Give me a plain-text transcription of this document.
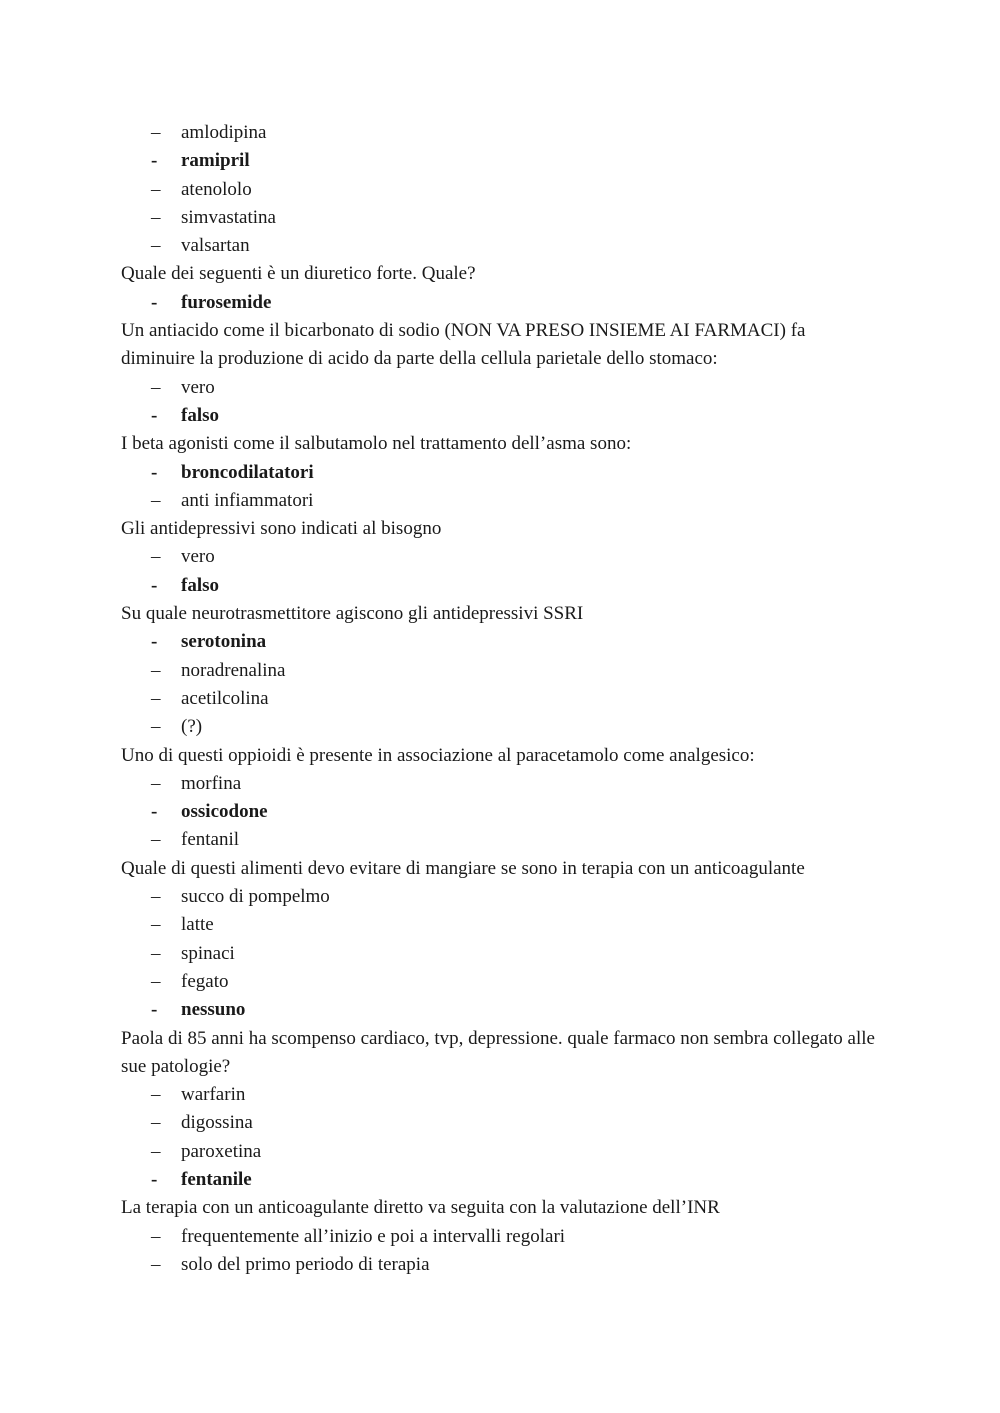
– amlodipina
- ramipril
– atenololo
– simvastatina
– valsartan

Quale dei seguenti è un diuretico forte. Quale?

- furosemide

Un antiacido come il bicarbonato di sodio (NON VA PRESO INSIEME AI FARMACI) fa diminuire la produzione di acido da parte della cellula parietale dello stomaco:

– vero
- falso

I beta agonisti come il salbutamolo nel trattamento dell’asma sono:

- broncodilatatori
– anti infiammatori

Gli antidepressivi sono indicati al bisogno

– vero
- falso

Su quale neurotrasmettitore agiscono gli antidepressivi SSRI

- serotonina
– noradrenalina
– acetilcolina
– (?)

Uno di questi oppioidi è presente in associazione al paracetamolo come analgesico:

– morfina
- ossicodone
– fentanil

Quale di questi alimenti devo evitare di mangiare se sono in terapia con un anticoagulante

– succo di pompelmo
– latte
– spinaci
– fegato
- nessuno

Paola di 85 anni ha scompenso cardiaco, tvp, depressione. quale farmaco non sembra collegato alle sue patologie?

– warfarin
– digossina
– paroxetina
- fentanile

La terapia con un anticoagulante diretto va seguita con la valutazione dell’INR

– frequentemente all’inizio e poi a intervalli regolari
– solo del primo periodo di terapia
